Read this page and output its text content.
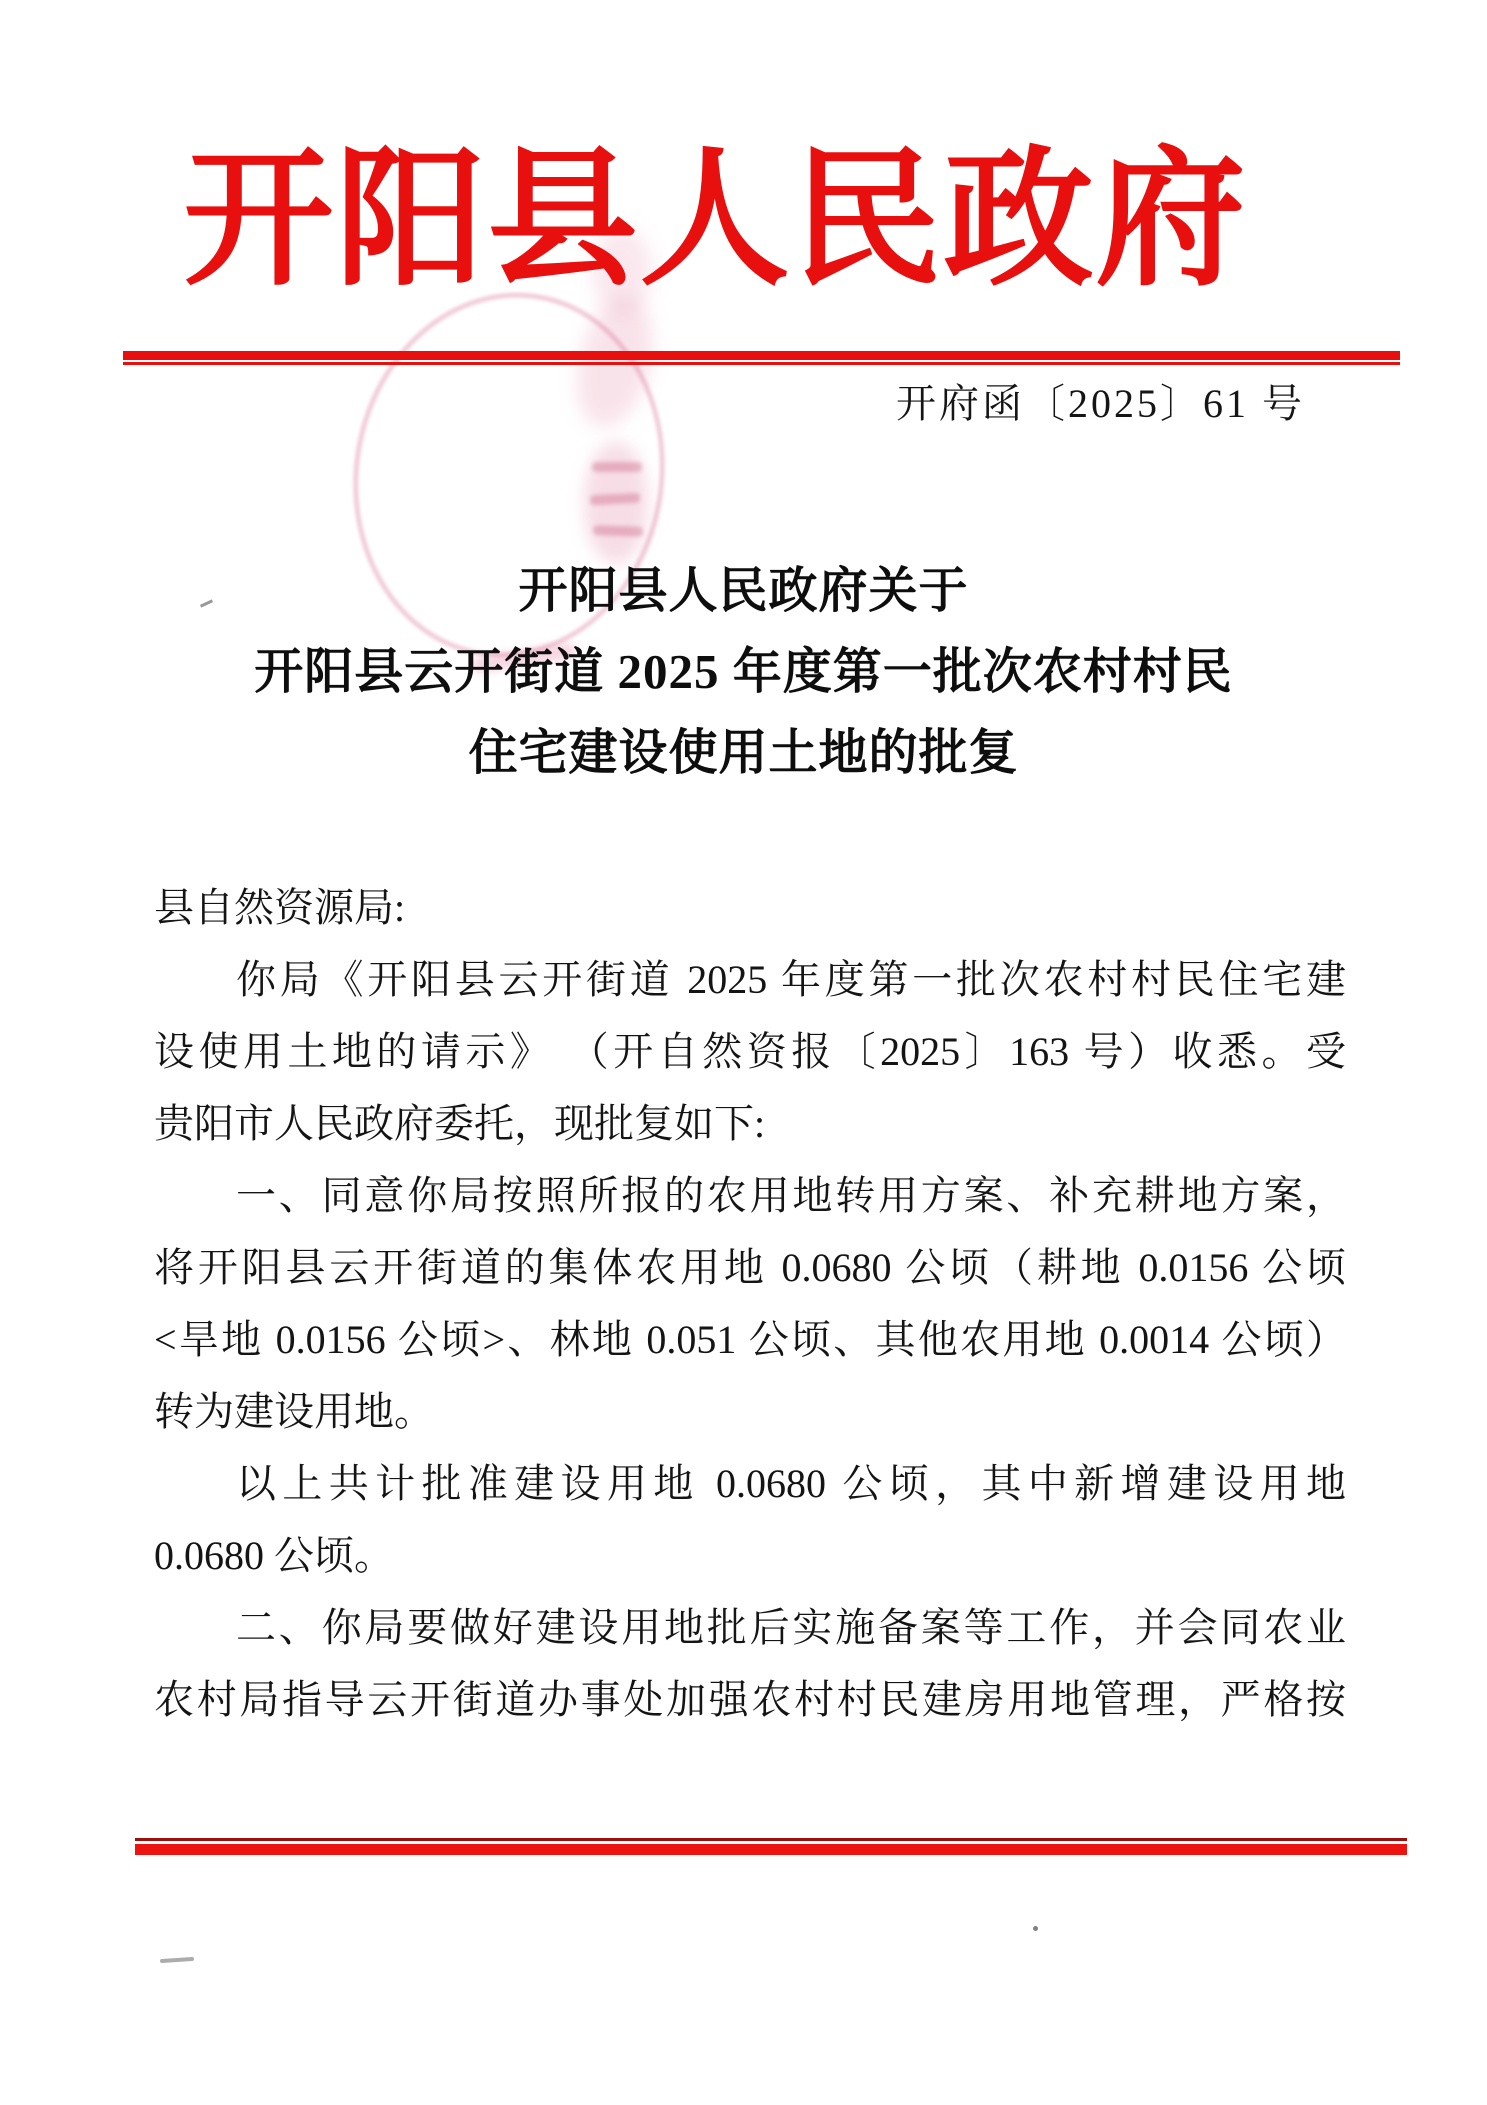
开阳县人民政府
开府函〔2025〕61 号
开阳县人民政府关于
开阳县云开街道 2025 年度第一批次农村村民
住宅建设使用土地的批复
县自然资源局:
你局《开阳县云开街道 2025 年度第一批次农村村民住宅建
设使用土地的请示》 （开自然资报〔2025〕163 号）收悉。受
贵阳市人民政府委托，现批复如下:
一、同意你局按照所报的农用地转用方案、补充耕地方案，
将开阳县云开街道的集体农用地 0.0680 公顷（耕地 0.0156 公顷
<旱地 0.0156 公顷>、林地 0.051 公顷、其他农用地 0.0014 公顷）
转为建设用地。
以上共计批准建设用地 0.0680 公顷，其中新增建设用地
0.0680 公顷。
二、你局要做好建设用地批后实施备案等工作，并会同农业
农村局指导云开街道办事处加强农村村民建房用地管理，严格按
